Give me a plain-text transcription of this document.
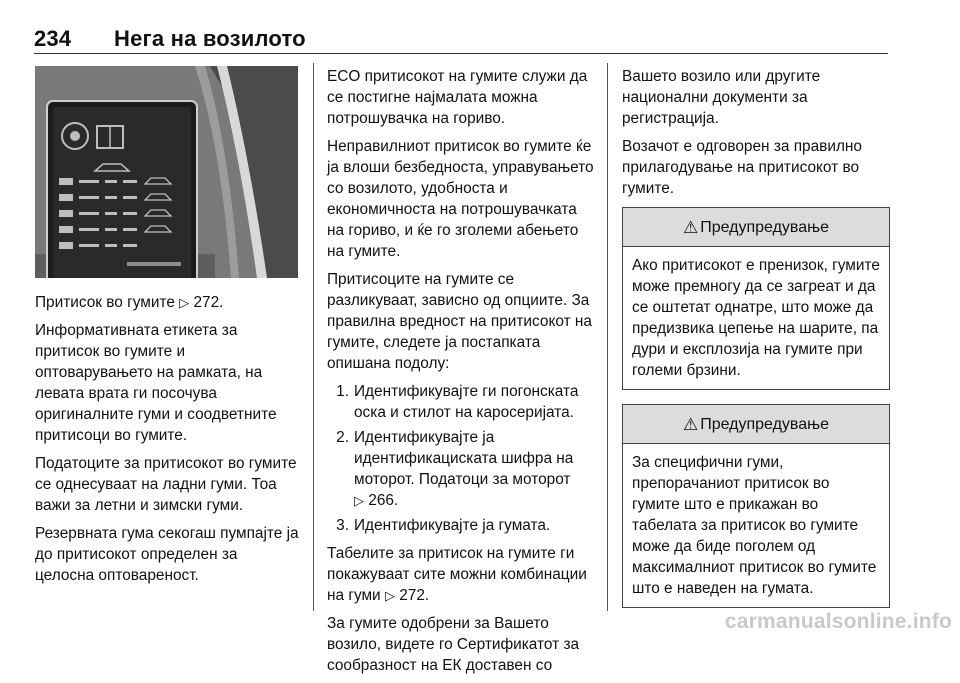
234 Нега на возилото

Притисок во гумите ▷ 272.

Информативната етикета за притисок во гумите и оптоварувањето на рамката, на левата врата ги посочува оригиналните гуми и соодветните притисоци во гумите.

Податоците за притисокот во гумите се однесуваат на ладни гуми. Тоа важи за летни и зимски гуми.

Резервната гума секогаш пумпајте ја до притисокот определен за целосна оптовареност.

ECO притисокот на гумите служи да се постигне најмалата можна потрошувачка на гориво.

Неправилниот притисок во гумите ќе ја влоши безбедноста, управувањето со возилото, удобноста и економичноста на потрошувачката на гориво, и ќе го зголеми абењето на гумите.

Притисоците на гумите се разликуваат, зависно од опциите. За правилна вредност на притисокот на гумите, следете ја постапката опишана подолу:

1. Идентификувајте ги погонската оска и стилот на каросеријата.
2. Идентификувајте ја идентификациската шифра на моторот. Податоци за моторот
▷ 266.
3. Идентификувајте ја гумата.

Табелите за притисок на гумите ги покажуваат сите можни комбинации на гуми ▷ 272.

За гумите одобрени за Вашето возило, видете го Сертификатот за сообразност на ЕК доставен со

Вашето возило или другите национални документи за регистрација.

Возачот е одговорен за правилно прилагодување на притисокот во гумите.

⚠ Предупредување
Ако притисокот е пренизок, гумите може премногу да се загреат и да се оштетат однатре, што може да предизвика цепење на шарите, па дури и експлозија на гумите при големи брзини.
⚠ Предупредување
За специфични гуми, препорачаниот притисок во гумите што е прикажан во табелата за притисок во гумите може да биде поголем од максималниот притисок во гумите што е наведен на гумата.
carmanualsonline.info
